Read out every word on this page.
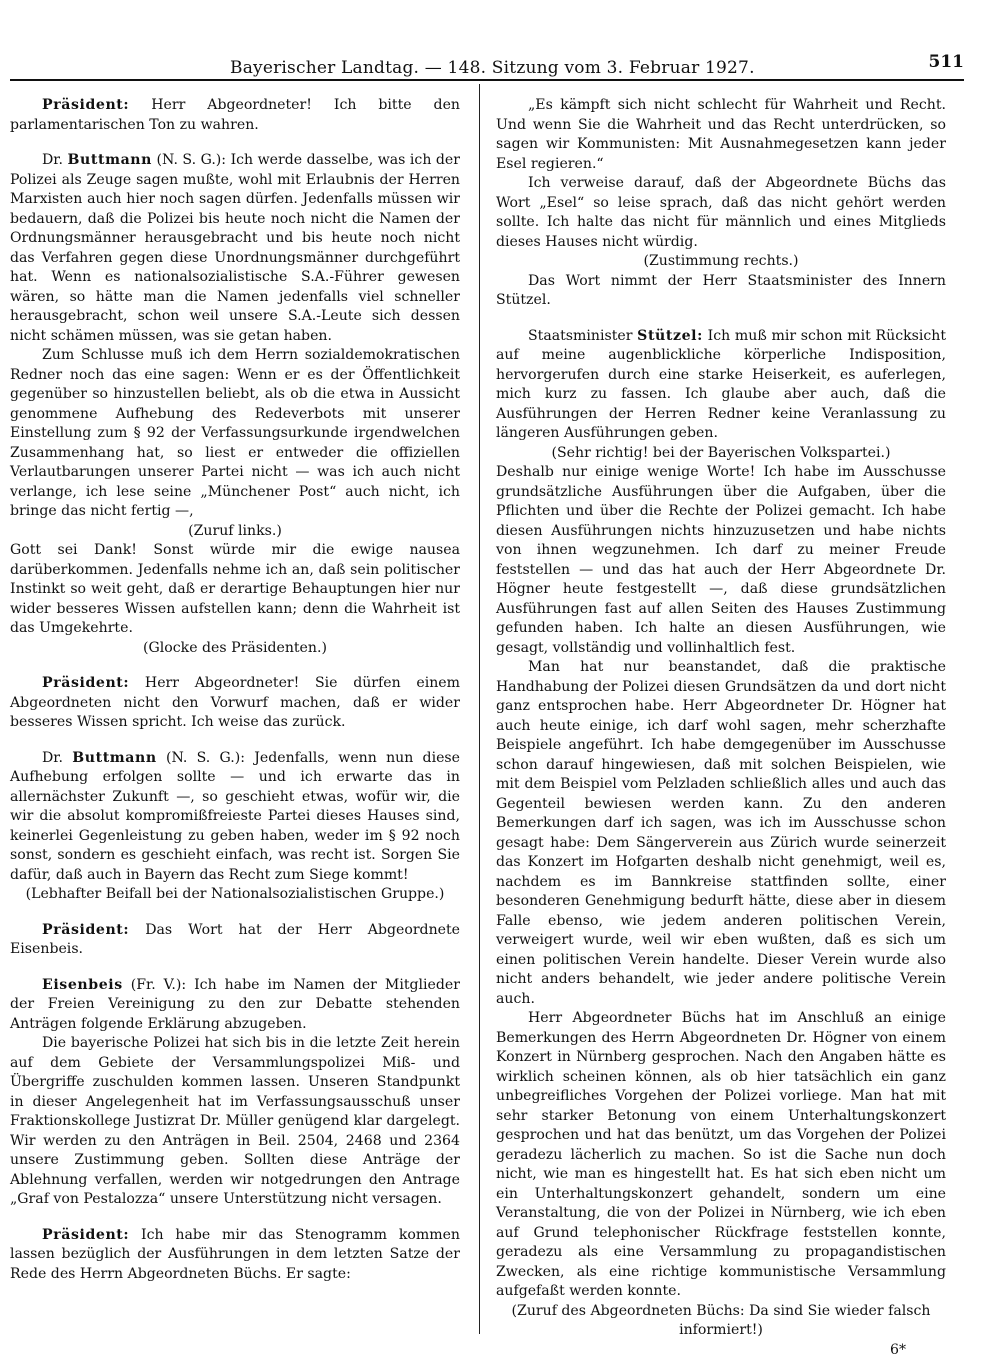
Bayerischer Landtag. — 148. Sitzung vom 3. Februar 1927.	511

Präsident: Herr Abgeordneter! Ich bitte den parlamentarischen Ton zu wahren.

Dr. Buttmann (N. S. G.): Ich werde dasselbe, was ich der Polizei als Zeuge sagen mußte, wohl mit Erlaubnis der Herren Marxisten auch hier noch sagen dürfen. Jedenfalls müssen wir bedauern, daß die Polizei bis heute noch nicht die Namen der Ordnungsmänner herausgebracht und bis heute noch nicht das Verfahren gegen diese Unordnungsmänner durchgeführt hat. Wenn es nationalsozialistische S.A.-Führer gewesen wären, so hätte man die Namen jedenfalls viel schneller herausgebracht, schon weil unsere S.A.-Leute sich dessen nicht schämen müssen, was sie getan haben.

Zum Schlusse muß ich dem Herrn sozialdemokratischen Redner noch das eine sagen: Wenn er es der Öffentlichkeit gegenüber so hinzustellen beliebt, als ob die etwa in Aussicht genommene Aufhebung des Redeverbots mit unserer Einstellung zum § 92 der Verfassungsurkunde irgendwelchen Zusammenhang hat, so liest er entweder die offiziellen Verlautbarungen unserer Partei nicht — was ich auch nicht verlange, ich lese seine „Münchener Post“ auch nicht, ich bringe das nicht fertig —,

(Zuruf links.)

Gott sei Dank! Sonst würde mir die ewige nausea darüberkommen. Jedenfalls nehme ich an, daß sein politischer Instinkt so weit geht, daß er derartige Behauptungen hier nur wider besseres Wissen aufstellen kann; denn die Wahrheit ist das Umgekehrte.

(Glocke des Präsidenten.)

Präsident: Herr Abgeordneter! Sie dürfen einem Abgeordneten nicht den Vorwurf machen, daß er wider besseres Wissen spricht. Ich weise das zurück.

Dr. Buttmann (N. S. G.): Jedenfalls, wenn nun diese Aufhebung erfolgen sollte — und ich erwarte das in allernächster Zukunft —, so geschieht etwas, wofür wir, die wir die absolut kompromißfreieste Partei dieses Hauses sind, keinerlei Gegenleistung zu geben haben, weder im § 92 noch sonst, sondern es geschieht einfach, was recht ist. Sorgen Sie dafür, daß auch in Bayern das Recht zum Siege kommt!

(Lebhafter Beifall bei der Nationalsozialistischen Gruppe.)

Präsident: Das Wort hat der Herr Abgeordnete Eisenbeis.

Eisenbeis (Fr. V.): Ich habe im Namen der Mitglieder der Freien Vereinigung zu den zur Debatte stehenden Anträgen folgende Erklärung abzugeben.

Die bayerische Polizei hat sich bis in die letzte Zeit herein auf dem Gebiete der Versammlungspolizei Miß- und Übergriffe zuschulden kommen lassen. Unseren Standpunkt in dieser Angelegenheit hat im Verfassungsausschuß unser Fraktionskollege Justizrat Dr. Müller genügend klar dargelegt. Wir werden zu den Anträgen in Beil. 2504, 2468 und 2364 unsere Zustimmung geben. Sollten diese Anträge der Ablehnung verfallen, werden wir notgedrungen den Antrage „Graf von Pestalozza“ unsere Unterstützung nicht versagen.

Präsident: Ich habe mir das Stenogramm kommen lassen bezüglich der Ausführungen in dem letzten Satze der Rede des Herrn Abgeordneten Büchs. Er sagte:

„Es kämpft sich nicht schlecht für Wahrheit und Recht. Und wenn Sie die Wahrheit und das Recht unterdrücken, so sagen wir Kommunisten: Mit Ausnahmegesetzen kann jeder Esel regieren.“

Ich verweise darauf, daß der Abgeordnete Büchs das Wort „Esel“ so leise sprach, daß das nicht gehört werden sollte. Ich halte das nicht für männlich und eines Mitglieds dieses Hauses nicht würdig.

(Zustimmung rechts.)

Das Wort nimmt der Herr Staatsminister des Innern Stützel.

Staatsminister Stützel: Ich muß mir schon mit Rücksicht auf meine augenblickliche körperliche Indisposition, hervorgerufen durch eine starke Heiserkeit, es auferlegen, mich kurz zu fassen. Ich glaube aber auch, daß die Ausführungen der Herren Redner keine Veranlassung zu längeren Ausführungen geben.

(Sehr richtig! bei der Bayerischen Volkspartei.)

Deshalb nur einige wenige Worte! Ich habe im Ausschusse grundsätzliche Ausführungen über die Aufgaben, über die Pflichten und über die Rechte der Polizei gemacht. Ich habe diesen Ausführungen nichts hinzuzusetzen und habe nichts von ihnen wegzunehmen. Ich darf zu meiner Freude feststellen — und das hat auch der Herr Abgeordnete Dr. Högner heute festgestellt —, daß diese grundsätzlichen Ausführungen fast auf allen Seiten des Hauses Zustimmung gefunden haben. Ich halte an diesen Ausführungen, wie gesagt, vollständig und vollinhaltlich fest.

Man hat nur beanstandet, daß die praktische Handhabung der Polizei diesen Grundsätzen da und dort nicht ganz entsprochen habe. Herr Abgeordneter Dr. Högner hat auch heute einige, ich darf wohl sagen, mehr scherzhafte Beispiele angeführt. Ich habe demgegenüber im Ausschusse schon darauf hingewiesen, daß mit solchen Beispielen, wie mit dem Beispiel vom Pelzladen schließlich alles und auch das Gegenteil bewiesen werden kann. Zu den anderen Bemerkungen darf ich sagen, was ich im Ausschusse schon gesagt habe: Dem Sängerverein aus Zürich wurde seinerzeit das Konzert im Hofgarten deshalb nicht genehmigt, weil es, nachdem es im Bannkreise stattfinden sollte, einer besonderen Genehmigung bedurft hätte, diese aber in diesem Falle ebenso, wie jedem anderen politischen Verein, verweigert wurde, weil wir eben wußten, daß es sich um einen politischen Verein handelte. Dieser Verein wurde also nicht anders behandelt, wie jeder andere politische Verein auch.

Herr Abgeordneter Büchs hat im Anschluß an einige Bemerkungen des Herrn Abgeordneten Dr. Högner von einem Konzert in Nürnberg gesprochen. Nach den Angaben hätte es wirklich scheinen können, als ob hier tatsächlich ein ganz unbegreifliches Vorgehen der Polizei vorliege. Man hat mit sehr starker Betonung von einem Unterhaltungskonzert gesprochen und hat das benützt, um das Vorgehen der Polizei geradezu lächerlich zu machen. So ist die Sache nun doch nicht, wie man es hingestellt hat. Es hat sich eben nicht um ein Unterhaltungskonzert gehandelt, sondern um eine Veranstaltung, die von der Polizei in Nürnberg, wie ich eben auf Grund telephonischer Rückfrage feststellen konnte, geradezu als eine Versammlung zu propagandistischen Zwecken, als eine richtige kommunistische Versammlung aufgefaßt werden konnte.

(Zuruf des Abgeordneten Büchs: Da sind Sie wieder falsch informiert!)

6*
